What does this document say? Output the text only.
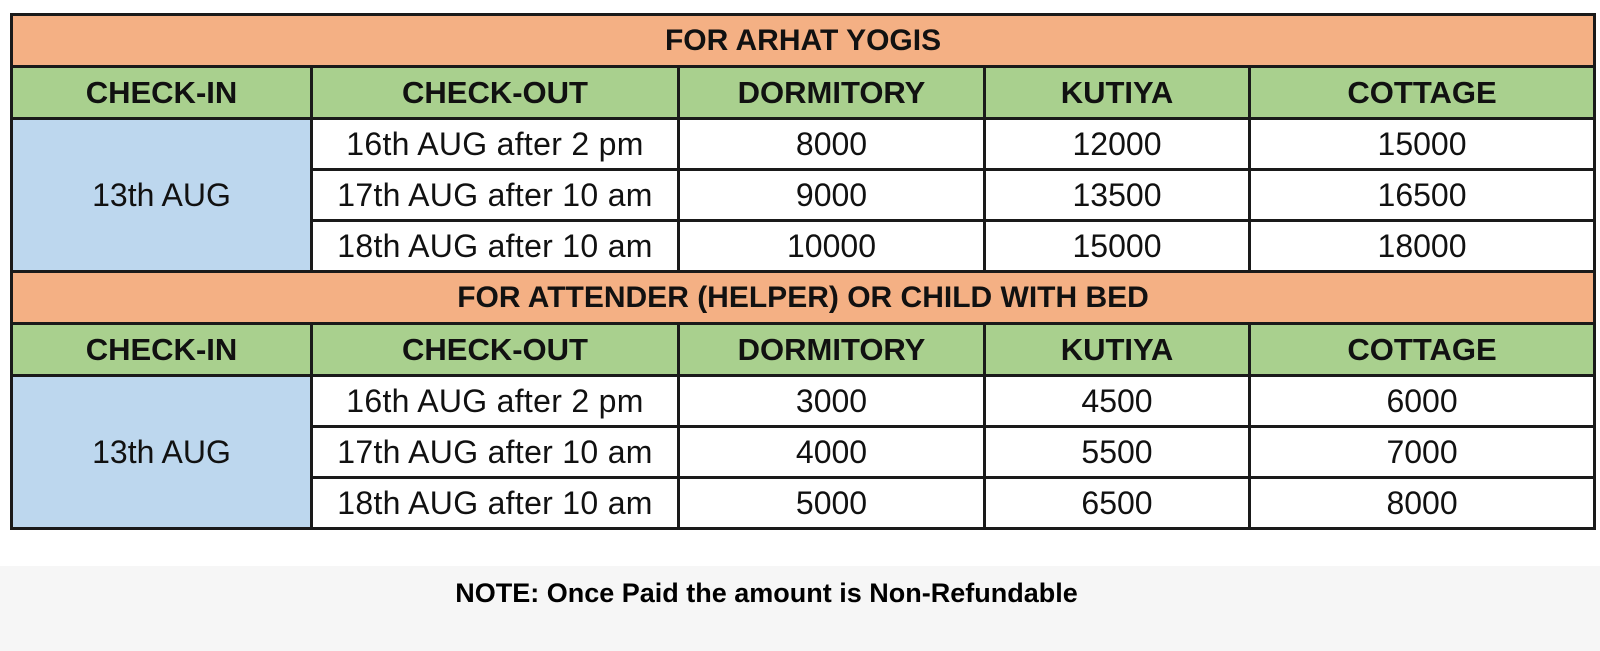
FOR ARHAT YOGIS				
CHECK-IN	CHECK-OUT	DORMITORY	KUTIYA	COTTAGE
13th AUG	16th AUG after 2 pm	8000	12000	15000
	17th AUG after 10 am	9000	13500	16500
	18th AUG after 10 am	10000	15000	18000
FOR ATTENDER (HELPER) OR CHILD WITH BED				
CHECK-IN	CHECK-OUT	DORMITORY	KUTIYA	COTTAGE
13th AUG	16th AUG after 2 pm	3000	4500	6000
	17th AUG after 10 am	4000	5500	7000
	18th AUG after 10 am	5000	6500	8000
NOTE: Once Paid the amount is Non-Refundable
